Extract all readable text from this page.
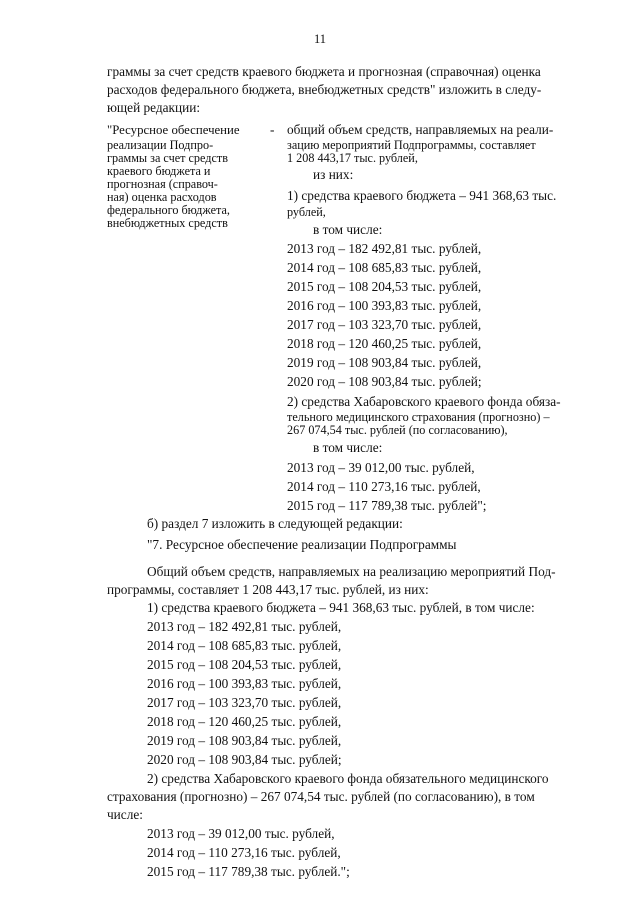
11
граммы за счет средств краевого бюджета и прогнозная (справочная) оценка
расходов федерального бюджета, внебюджетных средств" изложить в следу-
ющей редакции:
"Ресурсное обеспечение
реализации Подпро-
граммы за счет средств
краевого бюджета и
прогнозная (справоч-
ная) оценка расходов
федерального бюджета,
внебюджетных средств
- общий объем средств, направляемых на реали-
зацию мероприятий Подпрограммы, составляет
1 208 443,17 тыс. рублей,
из них:
1) средства краевого бюджета – 941 368,63 тыс.
рублей,
в том числе:
2013 год – 182 492,81 тыс. рублей,
2014 год – 108 685,83 тыс. рублей,
2015 год – 108 204,53 тыс. рублей,
2016 год – 100 393,83 тыс. рублей,
2017 год – 103 323,70 тыс. рублей,
2018 год – 120 460,25 тыс. рублей,
2019 год – 108 903,84 тыс. рублей,
2020 год – 108 903,84 тыс. рублей;
2) средства Хабаровского краевого фонда обяза-
тельного медицинского страхования (прогнозно) –
267 074,54 тыс. рублей (по согласованию),
в том числе:
2013 год – 39 012,00 тыс. рублей,
2014 год – 110 273,16 тыс. рублей,
2015 год – 117 789,38 тыс. рублей";
б) раздел 7 изложить в следующей редакции:
"7. Ресурсное обеспечение реализации Подпрограммы
Общий объем средств, направляемых на реализацию мероприятий Под-
программы, составляет 1 208 443,17 тыс. рублей, из них:
1) средства краевого бюджета – 941 368,63 тыс. рублей, в том числе:
2013 год – 182 492,81 тыс. рублей,
2014 год – 108 685,83 тыс. рублей,
2015 год – 108 204,53 тыс. рублей,
2016 год – 100 393,83 тыс. рублей,
2017 год – 103 323,70 тыс. рублей,
2018 год – 120 460,25 тыс. рублей,
2019 год – 108 903,84 тыс. рублей,
2020 год – 108 903,84 тыс. рублей;
2) средства Хабаровского краевого фонда обязательного медицинского
страхования (прогнозно) – 267 074,54 тыс. рублей (по согласованию), в том
числе:
2013 год – 39 012,00 тыс. рублей,
2014 год – 110 273,16 тыс. рублей,
2015 год – 117 789,38 тыс. рублей.";
